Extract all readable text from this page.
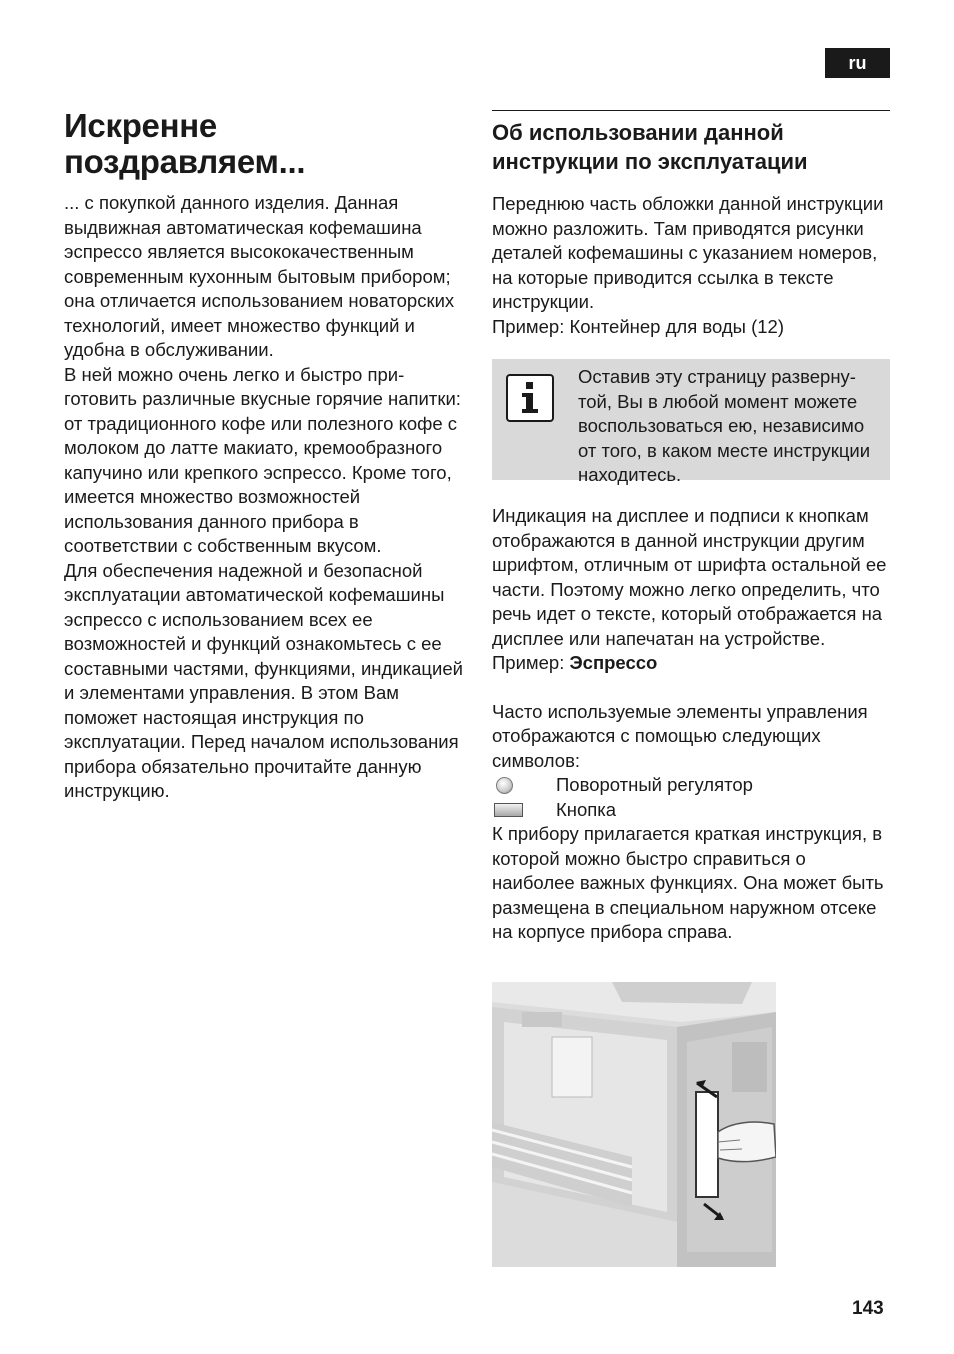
ru
Искренне
поздравляем...

... с покупкой данного изделия. Данная выдвижная автоматическая кофемашина эспрессо является высококачественным современным кухонным бытовым прибором; она отличается использованием новаторских технологий, имеет множество функций и удобна в обслуживании.

В ней можно очень легко и быстро приготовить различные вкусные горячие напитки: от традиционного кофе или полезного кофе с молоком до латте макиато, кремообразного капучино или крепкого эспрессо. Кроме того, имеется множество возможностей использования данного прибора в соответствии с собственным вкусом.

Для обеспечения надежной и безопасной эксплуатации автоматической кофемашины эспрессо с использованием всех ее возможностей и функций ознакомьтесь с ее составными частями, функциями, индикацией и элементами управления. В этом Вам поможет настоящая инструкция по эксплуатации. Перед началом использования прибора обязательно прочитайте данную инструкцию.

Об использовании данной инструкции по эксплуатации

Переднюю часть обложки данной инструкции можно разложить. Там приводятся рисунки деталей кофемашины с указанием номеров, на которые приводится ссылка в тексте инструкции.

Пример: Контейнер для воды (12)

Оставив эту страницу развернутой, Вы в любой момент можете воспользоваться ею, независимо от того, в каком месте инструкции находитесь.

Индикация на дисплее и подписи к кнопкам отображаются в данной инструкции другим шрифтом, отличным от шрифта остальной ее части. Поэтому можно легко определить, что речь идет о тексте, который отображается на дисплее или напечатан на устройстве.

Пример: Эспрессо

Часто используемые элементы управления отображаются с помощью следующих символов:

Поворотный регулятор
Кнопка

К прибору прилагается краткая инструкция, в которой можно быстро справиться о наиболее важных функциях. Она может быть размещена в специальном наружном отсеке на корпусе прибора справа.

143
